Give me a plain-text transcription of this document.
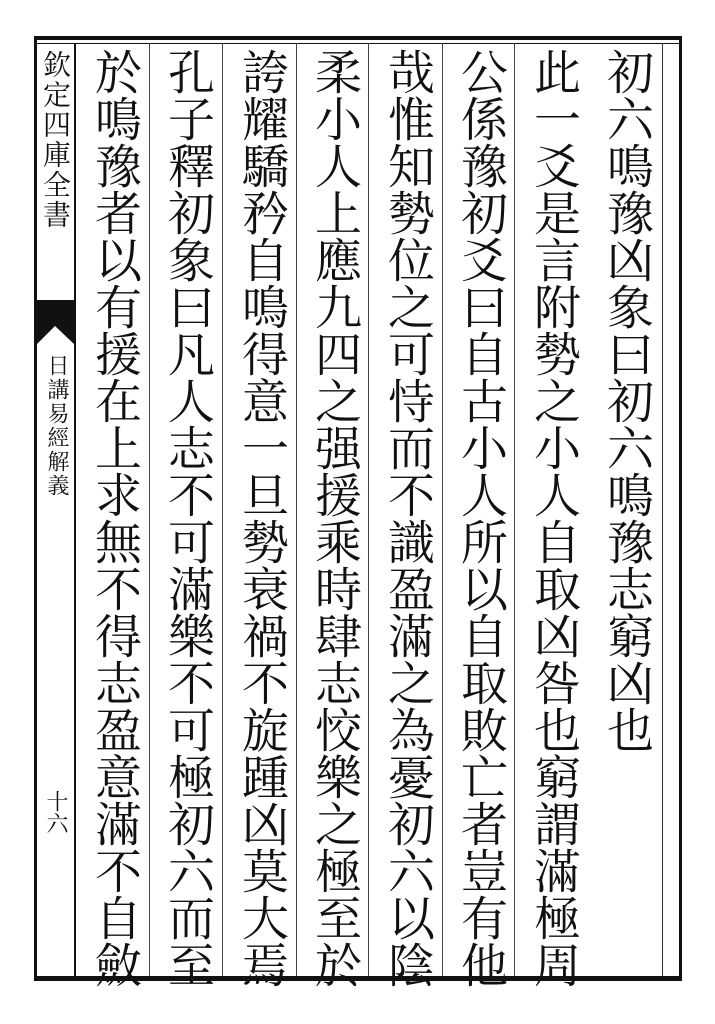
欽定四庫全書
日講易經解義
十六
初六鳴豫凶象曰初六鳴豫志窮凶也
此一爻是言附勢之小人自取凶咎也窮謂滿極周
公係豫初爻曰自古小人所以自取敗亡者豈有他
哉惟知勢位之可恃而不識盈滿之為憂初六以陰
柔小人上應九四之强援乘時肆志恔樂之極至於
誇耀驕矜自鳴得意一旦勢衰禍不旋踵凶莫大焉
孔子釋初象曰凡人志不可滿樂不可極初六而至
於鳴豫者以有援在上求無不得志盈意滿不自斂
